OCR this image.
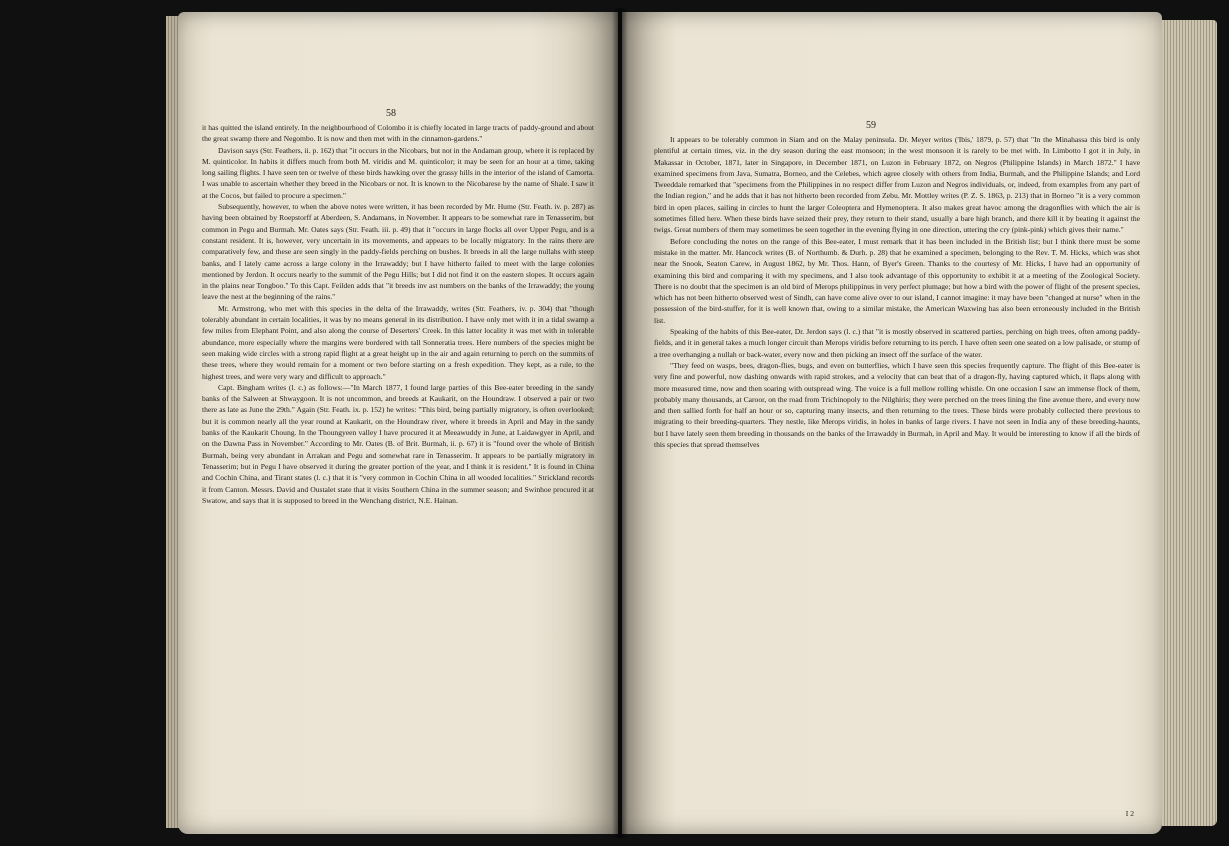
58

it has quitted the island entirely. In the neighbourhood of Colombo it is chiefly located in large tracts of paddy-ground and about the great swamp there and Negombo. It is now and then met with in the cinnamon-gardens."

Davison says (Str. Feathers, ii. p. 162) that "it occurs in the Nicobars, but not in the Andaman group, where it is replaced by M. quinticolor. In habits it differs much from both M. viridis and M. quinticolor; it may be seen for an hour at a time, taking long sailing flights. I have seen ten or twelve of these birds hawking over the grassy hills in the interior of the island of Camorta. I was unable to ascertain whether they breed in the Nicobars or not. It is known to the Nicobarese by the name of Shale. I saw it at the Cocos, but failed to procure a specimen."

Subsequently, however, to when the above notes were written, it has been recorded by Mr. Hume (Str. Feath. iv. p. 287) as having been obtained by Roepstorff at Aberdeen, S. Andamans, in November. It appears to be somewhat rare in Tenasserim, but common in Pegu and Burmah. Mr. Oates says (Str. Feath. iii. p. 49) that it "occurs in large flocks all over Upper Pegu, and is a constant resident. It is, however, very uncertain in its movements, and appears to be locally migratory. In the rains there are comparatively few, and these are seen singly in the paddy-fields perching on bushes. It breeds in all the large nullahs with steep banks, and I lately came across a large colony in the Irrawaddy; but I have hitherto failed to meet with the large colonies mentioned by Jerdon. It occurs nearly to the summit of the Pegu Hills; but I did not find it on the eastern slopes. It occurs again in the plains near Tongboo." To this Capt. Feilden adds that "it breeds inv ast numbers on the banks of the Irrawaddy; the young leave the nest at the beginning of the rains."

Mr. Armstrong, who met with this species in the delta of the Irrawaddy, writes (Str. Feathers, iv. p. 304) that "though tolerably abundant in certain localities, it was by no means general in its distribution. I have only met with it in a tidal swamp a few miles from Elephant Point, and also along the course of Deserters' Creek. In this latter locality it was met with in tolerable abundance, more especially where the margins were bordered with tall Sonneratia trees. Here numbers of the species might be seen making wide circles with a strong rapid flight at a great height up in the air and again returning to perch on the summits of these trees, where they would remain for a moment or two before starting on a fresh expedition. They kept, as a rule, to the highest trees, and were very wary and difficult to approach."

Capt. Bingham writes (l. c.) as follows:—"In March 1877, I found large parties of this Bee-eater breeding in the sandy banks of the Salween at Shwaygoon. It is not uncommon, and breeds at Kaukarit, on the Houndraw. I observed a pair or two there as late as June the 29th." Again (Str. Feath. ix. p. 152) he writes: "This bird, being partially migratory, is often overlooked; but it is common nearly all the year round at Kaukarit, on the Houndraw river, where it breeds in April and May in the sandy banks of the Kaukarit Choung. In the Thoungyeen valley I have procured it at Meeawuddy in June, at Laidawgyer in April, and on the Dawna Pass in November." According to Mr. Oates (B. of Brit. Burmah, ii. p. 67) it is "found over the whole of British Burmah, being very abundant in Arrakan and Pegu and somewhat rare in Tenasserim. It appears to be partially migratory in Tenasserim; but in Pegu I have observed it during the greater portion of the year, and I think it is resident." It is found in China and Cochin China, and Tirant states (l. c.) that it is "very common in Cochin China in all wooded localities." Strickland records it from Canton. Messrs. David and Oustalet state that it visits Southern China in the summer season; and Swinhoe procured it at Swatow, and says that it is supposed to breed in the Wenchang district, N.E. Hainan.

59

It appears to be tolerably common in Siam and on the Malay peninsula. Dr. Meyer writes ('Ibis,' 1879, p. 57) that "In the Minahassa this bird is only plentiful at certain times, viz. in the dry season during the east monsoon; in the west monsoon it is rarely to be met with. In Limbotto I got it in July, in Makassar in October, 1871, later in Singapore, in December 1871, on Luzon in February 1872, on Negros (Philippine Islands) in March 1872." I have examined specimens from Java, Sumatra, Borneo, and the Celebes, which agree closely with others from India, Burmah, and the Philippine Islands; and Lord Tweeddale remarked that "specimens from the Philippines in no respect differ from Luzon and Negros individuals, or, indeed, from examples from any part of the Indian region," and he adds that it has not hitherto been recorded from Zebu. Mr. Mottley writes (P. Z. S. 1863, p. 213) that in Borneo "it is a very common bird in open places, sailing in circles to hunt the larger Coleoptera and Hymenoptera. It also makes great havoc among the dragonflies with which the air is sometimes filled here. When these birds have seized their prey, they return to their stand, usually a bare high branch, and there kill it by beating it against the twigs. Great numbers of them may sometimes be seen together in the evening flying in one direction, uttering the cry (pink-pink) which gives their name."

Before concluding the notes on the range of this Bee-eater, I must remark that it has been included in the British list; but I think there must be some mistake in the matter. Mr. Hancock writes (B. of Northumb. & Durh. p. 28) that he examined a specimen, belonging to the Rev. T. M. Hicks, which was shot near the Snook, Seaton Carew, in August 1862, by Mr. Thos. Hann, of Byer's Green. Thanks to the courtesy of Mr. Hicks, I have had an opportunity of examining this bird and comparing it with my specimens, and I also took advantage of this opportunity to exhibit it at a meeting of the Zoological Society. There is no doubt that the specimen is an old bird of Merops philippinus in very perfect plumage; but how a bird with the power of flight of the present species, which has not been hitherto observed west of Sindh, can have come alive over to our island, I cannot imagine: it may have been "changed at nurse" when in the possession of the bird-stuffer, for it is well known that, owing to a similar mistake, the American Waxwing has also been erroneously included in the British list.

Speaking of the habits of this Bee-eater, Dr. Jerdon says (l. c.) that "it is mostly observed in scattered parties, perching on high trees, often among paddy-fields, and it in general takes a much longer circuit than Merops viridis before returning to its perch. I have often seen one seated on a low palisade, or stump of a tree overhanging a nullah or back-water, every now and then picking an insect off the surface of the water.

"They feed on wasps, bees, dragon-flies, bugs, and even on butterflies, which I have seen this species frequently capture. The flight of this Bee-eater is very fine and powerful, now dashing onwards with rapid strokes, and a velocity that can beat that of a dragon-fly, having captured which, it flaps along with more measured time, now and then soaring with outspread wing. The voice is a full mellow rolling whistle. On one occasion I saw an immense flock of them, probably many thousands, at Caroor, on the road from Trichinopoly to the Nilghiris; they were perched on the trees lining the fine avenue there, and every now and then sallied forth for half an hour or so, capturing many insects, and then returning to the trees. These birds were probably collected there previous to migrating to their breeding-quarters. They nestle, like Merops viridis, in holes in banks of large rivers. I have not seen in India any of these breeding-haunts, but I have lately seen them breeding in thousands on the banks of the Irrawaddy in Burmah, in April and May. It would be interesting to know if all the birds of this species that spread themselves

I 2
